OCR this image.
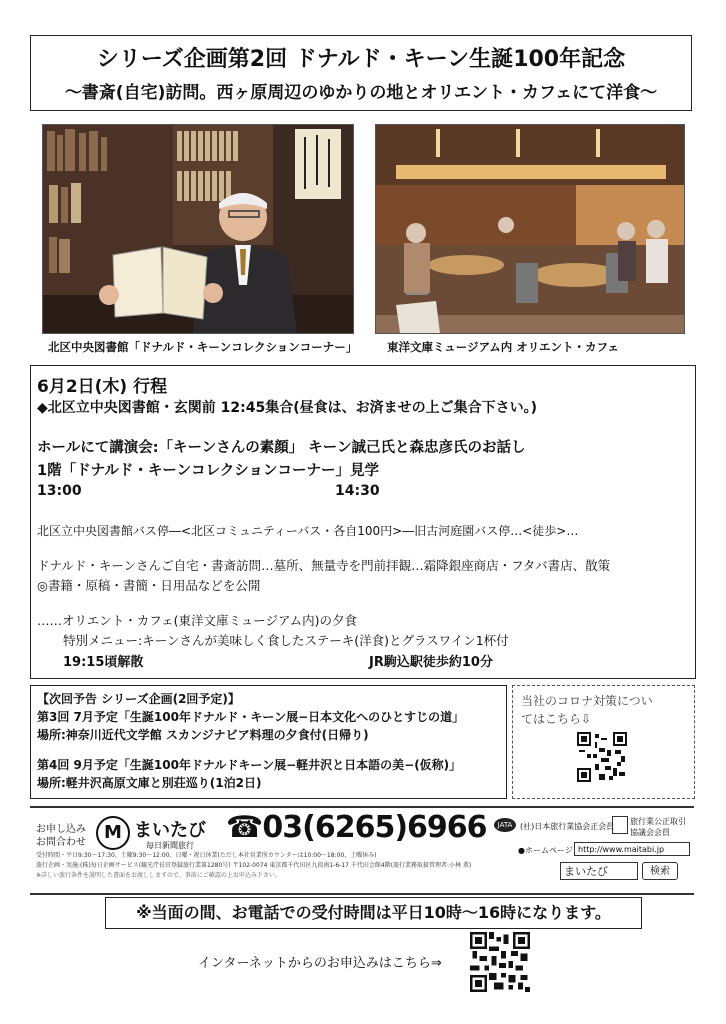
シリーズ企画第2回 ドナルド・キーン生誕100年記念
〜書斎(自宅)訪問。西ヶ原周辺のゆかりの地とオリエント・カフェにて洋食〜
北区中央図書館「ドナルド・キーンコレクションコーナー」	東洋文庫ミュージアム内 オリエント・カフェ
6月2日(木) 行程
◆北区立中央図書館・玄関前 12:45集合(昼食は、お済ませの上ご集合下さい。)
ホールにて講演会:「キーンさんの素顔」 キーン誠己氏と森忠彦氏のお話し
1階「ドナルド・キーンコレクションコーナー」見学
13:00	14:30
北区立中央図書館バス停―<北区コミュニティーバス・各自100円>―旧古河庭園バス停…<徒歩>…
ドナルド・キーンさんご自宅・書斎訪問…墓所、無量寺を門前拝観…霜降銀座商店・フタバ書店、散策
◎書籍・原稿・書簡・日用品などを公開
……オリエント・カフェ(東洋文庫ミュージアム内)の夕食
特別メニュー:キーンさんが美味しく食したステーキ(洋食)とグラスワイン1杯付
19:15頃解散	JR駒込駅徒歩約10分
【次回予告 シリーズ企画(2回予定)】
第3回 7月予定「生誕100年ドナルド・キーン展−日本文化へのひとすじの道」
場所:神奈川近代文学館 スカンジナビア料理の夕食付(日帰り)
第4回 9月予定「生誕100年ドナルドキーン展−軽井沢と日本語の美−(仮称)」
場所:軽井沢高原文庫と別荘巡り(1泊2日)
当社のコロナ対策につい
てはこちら⇩
お申し込み
お問合わせ	M まいたび
毎日新聞旅行
☎03(6265)6966	JATA (社)日本旅行業協会正会員
旅行業公正取引協議会会員
受付時間・平日9:30〜17:30、土曜9:30〜12:00、日曜・祝日休業(ただし本社営業所カウンターは10:00〜18:00、土曜休み)
旅行企画・実施:(株)毎日企画サービス(観光庁長官登録旅行業第1280号) 〒102-0074 東京都千代田区九段南1-6-17 千代田会館4階(旅行業務取扱管理者:小林 薫)
※詳しい旅行条件を説明した書面をお渡ししますので、事前にご確認の上お申込み下さい。
●ホームページ http://www.maitabi.jp
まいたび	検索
※当面の間、お電話での受付時間は平日10時〜16時になります。
インターネットからのお申込みはこちら⇒
